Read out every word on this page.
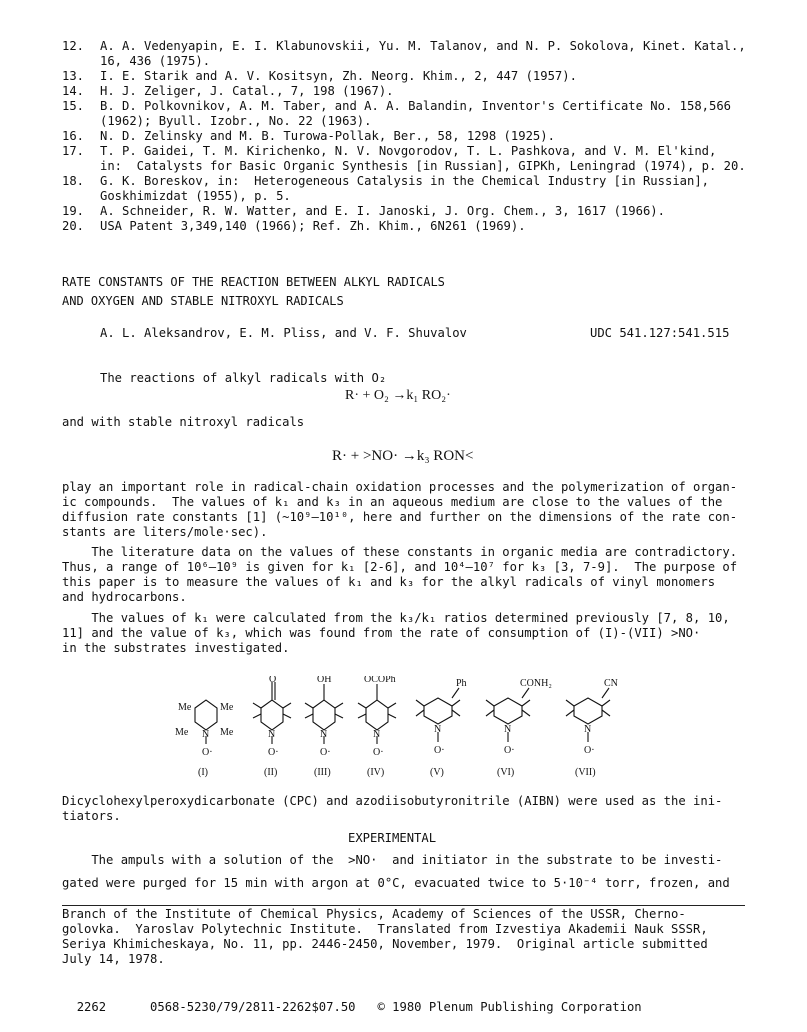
12.	A. A. Vedenyapin, E. I. Klabunovskii, Yu. M. Talanov, and N. P. Sokolova, Kinet. Katal.,
16, 436 (1975).
13.	I. E. Starik and A. V. Kositsyn, Zh. Neorg. Khim., 2, 447 (1957).
14.	H. J. Zeliger, J. Catal., 7, 198 (1967).
15.	B. D. Polkovnikov, A. M. Taber, and A. A. Balandin, Inventor's Certificate No. 158,566
(1962); Byull. Izobr., No. 22 (1963).
16.	N. D. Zelinsky and M. B. Turowa-Pollak, Ber., 58, 1298 (1925).
17.	T. P. Gaidei, T. M. Kirichenko, N. V. Novgorodov, T. L. Pashkova, and V. M. El'kind,
in:  Catalysts for Basic Organic Synthesis [in Russian], GIPKh, Leningrad (1974), p. 20.
18.	G. K. Boreskov, in:  Heterogeneous Catalysis in the Chemical Industry [in Russian],
Goskhimizdat (1955), p. 5.
19.	A. Schneider, R. W. Watter, and E. I. Janoski, J. Org. Chem., 3, 1617 (1966).
20.	USA Patent 3,349,140 (1966); Ref. Zh. Khim., 6N261 (1969).
RATE CONSTANTS OF THE REACTION BETWEEN ALKYL RADICALS
AND OXYGEN AND STABLE NITROXYL RADICALS
A. L. Aleksandrov, E. M. Pliss, and V. F. Shuvalov	UDC 541.127:541.515
The reactions of alkyl radicals with O₂
R· + O₂ →k₁ RO₂·
and with stable nitroxyl radicals
R· + >NO· →k₃ RON<
play an important role in radical-chain oxidation processes and the polymerization of organ-
ic compounds.  The values of k₁ and k₃ in an aqueous medium are close to the values of the
diffusion rate constants [1] (~10⁹–10¹⁰, here and further on the dimensions of the rate con-
stants are liters/mole·sec).
The literature data on the values of these constants in organic media are contradictory.
Thus, a range of 10⁶–10⁹ is given for k₁ [2-6], and 10⁴–10⁷ for k₃ [3, 7-9].  The purpose of
this paper is to measure the values of k₁ and k₃ for the alkyl radicals of vinyl monomers
and hydrocarbons.
The values of k₁ were calculated from the k₃/k₁ ratios determined previously [7, 8, 10,
11] and the value of k₃, which was found from the rate of consumption of (I)-(VII) >NO·
in the substrates investigated.
O	OH	OCOPh	Ph	CONH₂	CN
Me	Me
Me	Me
N	N	N	N	N	N	N
O·	O·	O·	O·	O·	O·	O·
(I)	(II)	(III)	(IV)	(V)	(VI)	(VII)
Dicyclohexylperoxydicarbonate (CPC) and azodiisobutyronitrile (AIBN) were used as the ini-
tiators.
EXPERIMENTAL
The ampuls with a solution of the  >NO·  and initiator in the substrate to be investi-
gated were purged for 15 min with argon at 0°C, evacuated twice to 5·10⁻⁴ torr, frozen, and
Branch of the Institute of Chemical Physics, Academy of Sciences of the USSR, Cherno-
golovka.  Yaroslav Polytechnic Institute.  Translated from Izvestiya Akademii Nauk SSSR,
Seriya Khimicheskaya, No. 11, pp. 2446-2450, November, 1979.  Original article submitted
July 14, 1978.

2262	0568-5230/79/2811-2262$07.50 © 1980 Plenum Publishing Corporation
